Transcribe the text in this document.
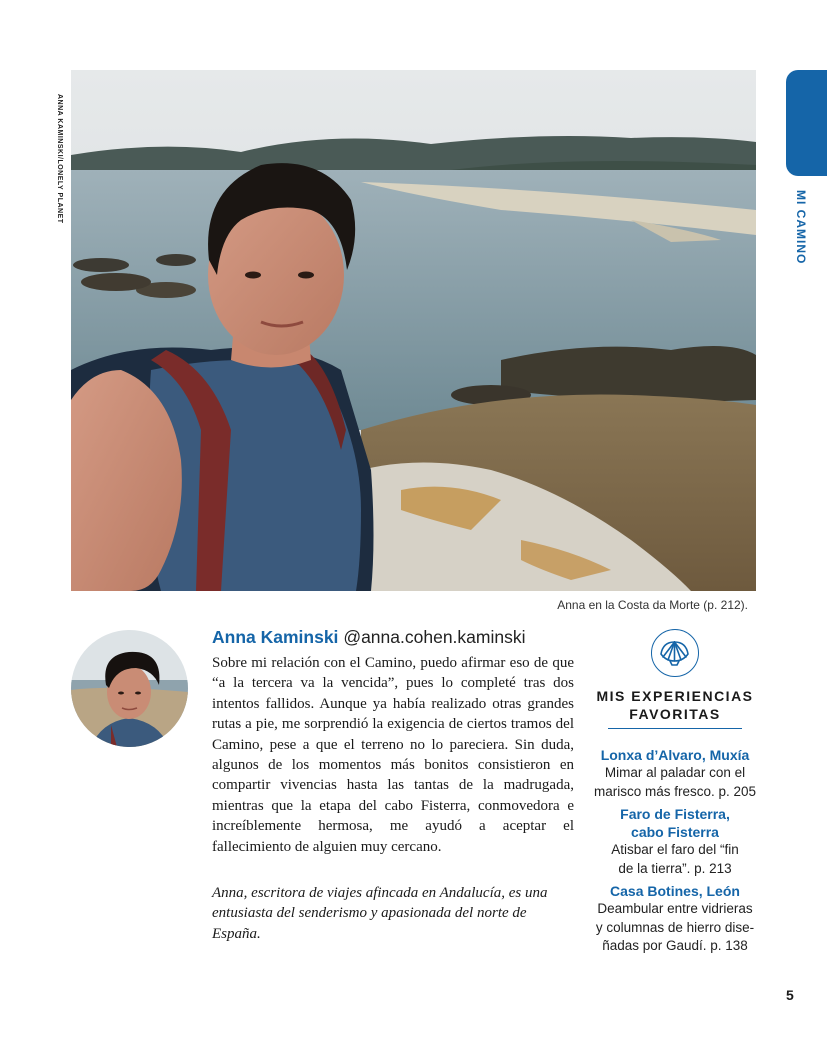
ANNA KAMINSKI/LONELY PLANET
MI CAMINO
Anna en la Costa da Morte (p. 212).
Anna Kaminski @anna.cohen.kaminski

Sobre mi relación con el Camino, puedo afirmar eso de que “a la tercera va la vencida”, pues lo completé tras dos intentos fallidos. Aunque ya había realizado otras grandes rutas a pie, me sorprendió la exigencia de ciertos tramos del Camino, pese a que el terreno no lo pareciera. Sin duda, algunos de los momentos más bonitos consistieron en compartir vivencias hasta las tantas de la madrugada, mientras que la etapa del cabo Fisterra, conmovedora e increíblemente hermosa, me ayudó a aceptar el fallecimiento de alguien muy cercano.

Anna, escritora de viajes afincada en Andalucía, es una entusiasta del senderismo y apasionada del norte de España.

MIS EXPERIENCIAS
FAVORITAS
Lonxa d’Alvaro, Muxía
Mimar al paladar con el
marisco más fresco. p. 205
Faro de Fisterra,
cabo Fisterra
Atisbar el faro del “fin
de la tierra”. p. 213
Casa Botines, León
Deambular entre vidrieras
y columnas de hierro dise-
ñadas por Gaudí. p. 138
5
